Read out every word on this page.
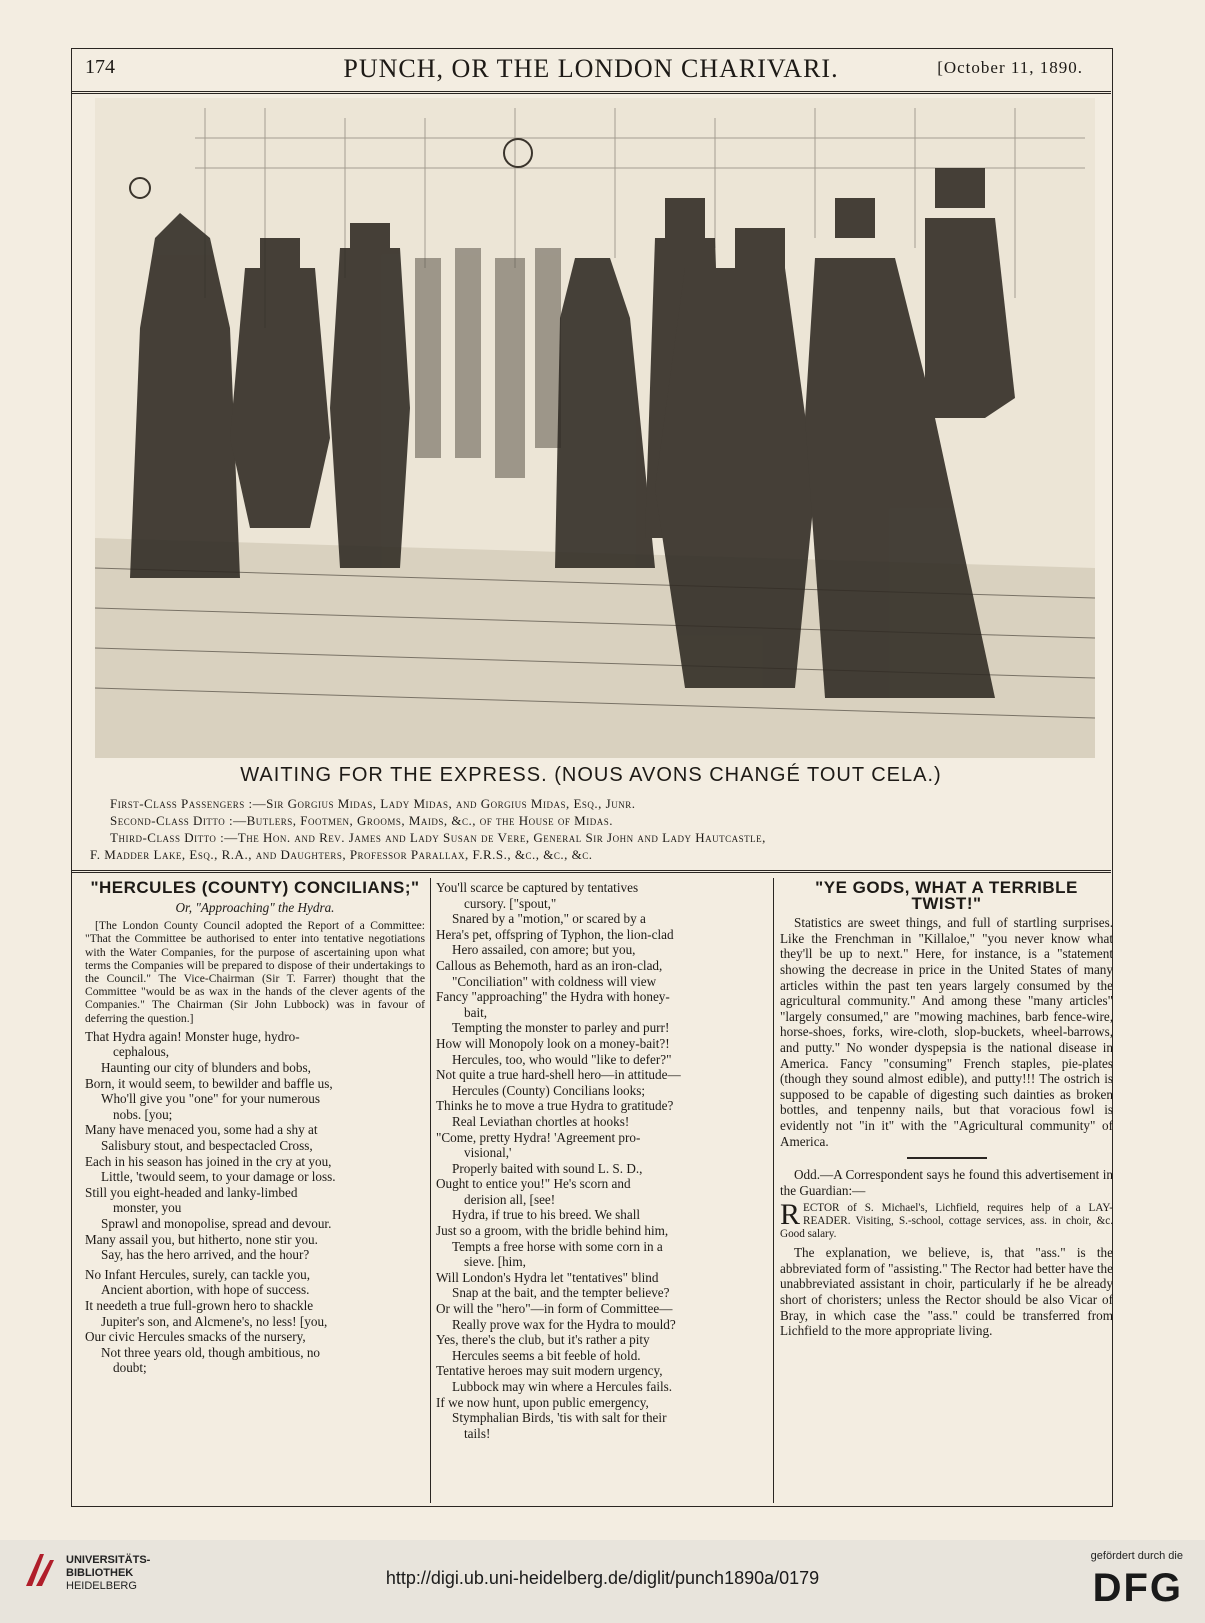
174	PUNCH, OR THE LONDON CHARIVARI.	[October 11, 1890.
WAITING FOR THE EXPRESS. (NOUS AVONS CHANGÉ TOUT CELA.)
First-Class Passengers :—Sir Gorgius Midas, Lady Midas, and Gorgius Midas, Esq., Junr.
Second-Class Ditto :—Butlers, Footmen, Grooms, Maids, &c., of the House of Midas.
Third-Class Ditto :—The Hon. and Rev. James and Lady Susan de Vere, General Sir John and Lady Hautcastle,
F. Madder Lake, Esq., R.A., and Daughters, Professor Parallax, F.R.S., &c., &c., &c.
"HERCULES (COUNTY) CONCILIANS;"
Or, "Approaching" the Hydra.

[The London County Council adopted the Report of a Committee: "That the Committee be authorised to enter into tentative negotiations with the Water Companies, for the purpose of ascertaining upon what terms the Companies will be prepared to dispose of their undertakings to the Council." The Vice-Chairman (Sir T. Farrer) thought that the Committee "would be as wax in the hands of the clever agents of the Companies." The Chairman (Sir John Lubbock) was in favour of deferring the question.]

That Hydra again! Monster huge, hydro-

cephalous,

Haunting our city of blunders and bobs,

Born, it would seem, to bewilder and baffle us,

Who'll give you "one" for your numerous

nobs. [you;

Many have menaced you, some had a shy at

Salisbury stout, and bespectacled Cross,

Each in his season has joined in the cry at you,

Little, 'twould seem, to your damage or loss.

Still you eight-headed and lanky-limbed

monster, you

Sprawl and monopolise, spread and devour.

Many assail you, but hitherto, none stir you.

Say, has the hero arrived, and the hour?

No Infant Hercules, surely, can tackle you,

Ancient abortion, with hope of success.

It needeth a true full-grown hero to shackle

Jupiter's son, and Alcmene's, no less! [you,

Our civic Hercules smacks of the nursery,

Not three years old, though ambitious, no

doubt;

You'll scarce be captured by tentatives

cursory. ["spout,"

Snared by a "motion," or scared by a

Hera's pet, offspring of Typhon, the lion-clad

Hero assailed, con amore; but you,

Callous as Behemoth, hard as an iron-clad,

"Conciliation" with coldness will view

Fancy "approaching" the Hydra with honey-

bait,

Tempting the monster to parley and purr!

How will Monopoly look on a money-bait?!

Hercules, too, who would "like to defer?"

Not quite a true hard-shell hero—in attitude—

Hercules (County) Concilians looks;

Thinks he to move a true Hydra to gratitude?

Real Leviathan chortles at hooks!

"Come, pretty Hydra! 'Agreement pro-

visional,'

Properly baited with sound L. S. D.,

Ought to entice you!" He's scorn and

derision all, [see!

Hydra, if true to his breed. We shall

Just so a groom, with the bridle behind him,

Tempts a free horse with some corn in a

sieve. [him,

Will London's Hydra let "tentatives" blind

Snap at the bait, and the tempter believe?

Or will the "hero"—in form of Committee—

Really prove wax for the Hydra to mould?

Yes, there's the club, but it's rather a pity

Hercules seems a bit feeble of hold.

Tentative heroes may suit modern urgency,

Lubbock may win where a Hercules fails.

If we now hunt, upon public emergency,

Stymphalian Birds, 'tis with salt for their

tails!

"YE GODS, WHAT A TERRIBLE TWIST!"

Statistics are sweet things, and full of startling surprises. Like the Frenchman in "Killaloe," "you never know what they'll be up to next." Here, for instance, is a "statement showing the decrease in price in the United States of many articles within the past ten years largely consumed by the agricultural community." And among these "many articles" "largely consumed," are "mowing machines, barb fence-wire, horse-shoes, forks, wire-cloth, slop-buckets, wheel-barrows, and putty." No wonder dyspepsia is the national disease in America. Fancy "consuming" French staples, pie-plates (though they sound almost edible), and putty!!! The ostrich is supposed to be capable of digesting such dainties as broken bottles, and tenpenny nails, but that voracious fowl is evidently not "in it" with the "Agricultural community" of America.

Odd.—A Correspondent says he found this advertisement in the Guardian:—

RECTOR of S. Michael's, Lichfield, requires help of a LAY-READER. Visiting, S.-school, cottage services, ass. in choir, &c. Good salary.

The explanation, we believe, is, that "ass." is the abbreviated form of "assisting." The Rector had better have the unabbreviated assistant in choir, particularly if he be already short of choristers; unless the Rector should be also Vicar of Bray, in which case the "ass." could be transferred from Lichfield to the more appropriate living.

UNIVERSITÄTS-
BIBLIOTHEK
HEIDELBERG	http://digi.ub.uni-heidelberg.de/diglit/punch1890a/0179
gefördert durch die
DFG
